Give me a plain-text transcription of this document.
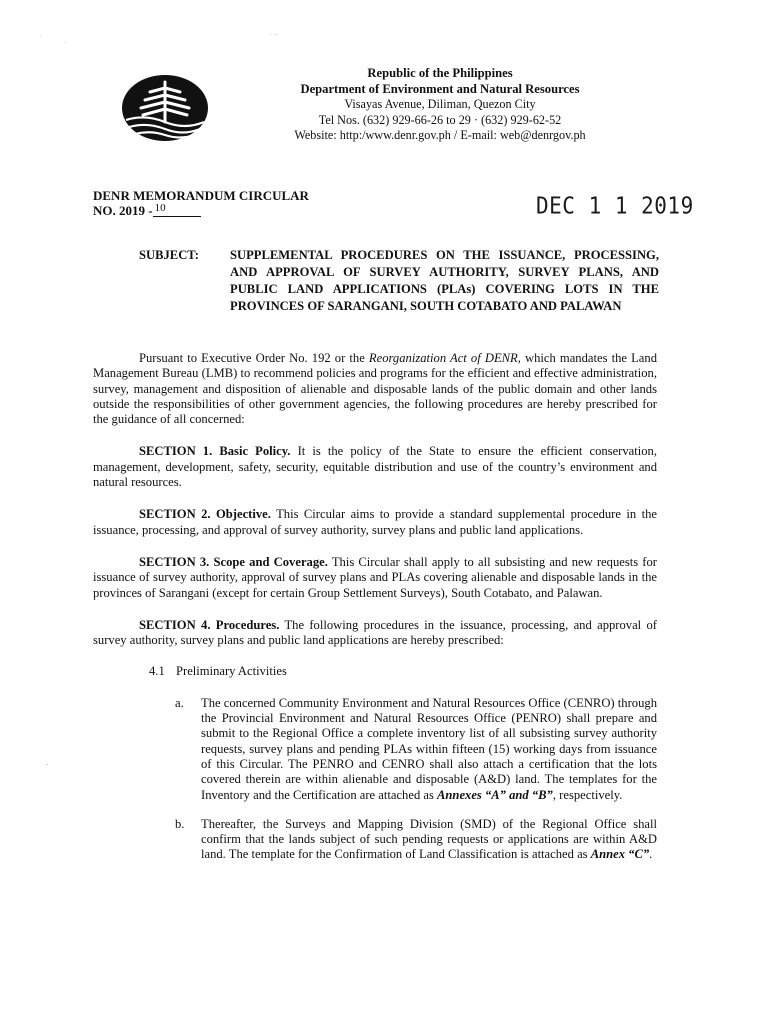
·
·
· ··
-
Republic of the Philippines
Department of Environment and Natural Resources
Visayas Avenue, Diliman, Quezon City
Tel Nos. (632) 929-66-26 to 29 · (632) 929-62-52
Website: http:/www.denr.gov.ph / E-mail: web@denrgov.ph
DENR MEMORANDUM CIRCULAR
NO. 2019 - 10	DEC 1 1 2019
SUBJECT:	SUPPLEMENTAL PROCEDURES ON THE ISSUANCE, PROCESSING, AND APPROVAL OF SURVEY AUTHORITY, SURVEY PLANS, AND PUBLIC LAND APPLICATIONS (PLAs) COVERING LOTS IN THE PROVINCES OF SARANGANI, SOUTH COTABATO AND PALAWAN

Pursuant to Executive Order No. 192 or the Reorganization Act of DENR, which mandates the Land Management Bureau (LMB) to recommend policies and programs for the efficient and effective administration, survey, management and disposition of alienable and disposable lands of the public domain and other lands outside the responsibilities of other government agencies, the following procedures are hereby prescribed for the guidance of all concerned:

SECTION 1. Basic Policy. It is the policy of the State to ensure the efficient conservation, management, development, safety, security, equitable distribution and use of the country’s environment and natural resources.

SECTION 2. Objective. This Circular aims to provide a standard supplemental procedure in the issuance, processing, and approval of survey authority, survey plans and public land applications.

SECTION 3. Scope and Coverage. This Circular shall apply to all subsisting and new requests for issuance of survey authority, approval of survey plans and PLAs covering alienable and disposable lands in the provinces of Sarangani (except for certain Group Settlement Surveys), South Cotabato, and Palawan.

SECTION 4. Procedures. The following procedures in the issuance, processing, and approval of survey authority, survey plans and public land applications are hereby prescribed:

4.1 Preliminary Activities

a. The concerned Community Environment and Natural Resources Office (CENRO) through the Provincial Environment and Natural Resources Office (PENRO) shall prepare and submit to the Regional Office a complete inventory list of all subsisting survey authority requests, survey plans and pending PLAs within fifteen (15) working days from issuance of this Circular. The PENRO and CENRO shall also attach a certification that the lots covered therein are within alienable and disposable (A&D) land. The templates for the Inventory and the Certification are attached as Annexes “A” and “B”, respectively.
b. Thereafter, the Surveys and Mapping Division (SMD) of the Regional Office shall confirm that the lands subject of such pending requests or applications are within A&D land. The template for the Confirmation of Land Classification is attached as Annex “C”.
